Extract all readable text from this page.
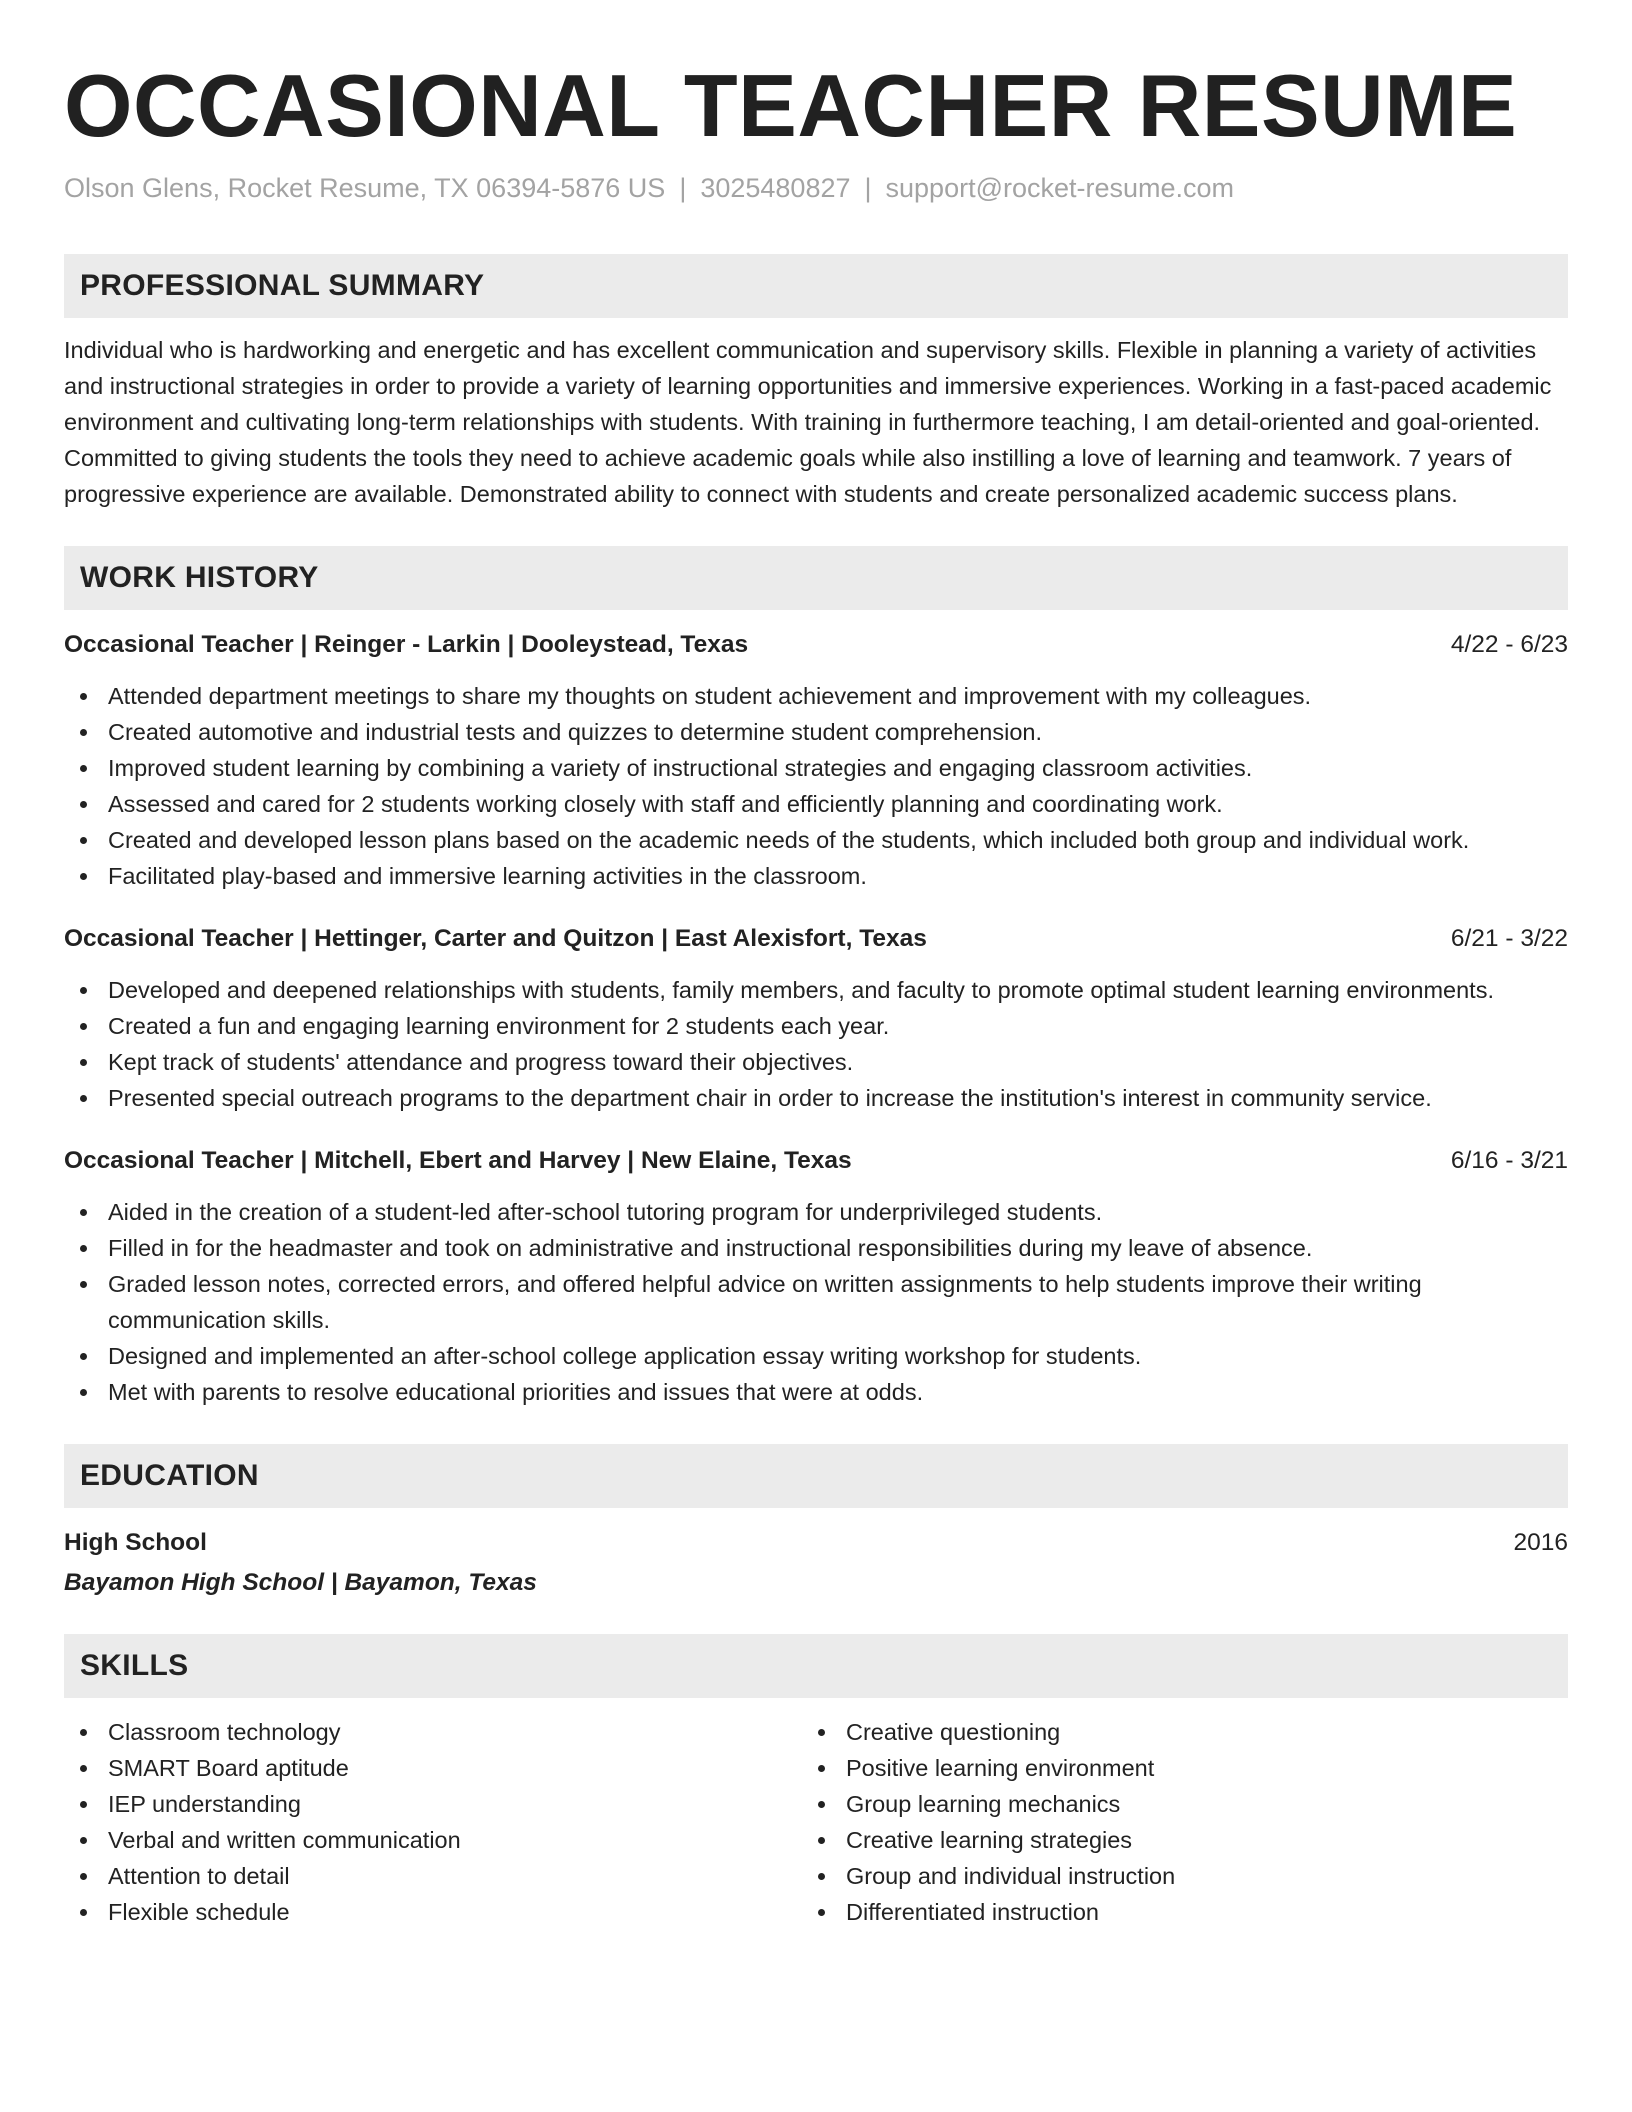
OCCASIONAL TEACHER RESUME
Olson Glens, Rocket Resume, TX 06394-5876 US | 3025480827 | support@rocket-resume.com
PROFESSIONAL SUMMARY

Individual who is hardworking and energetic and has excellent communication and supervisory skills. Flexible in planning a variety of activities and instructional strategies in order to provide a variety of learning opportunities and immersive experiences. Working in a fast-paced academic environment and cultivating long-term relationships with students. With training in furthermore teaching, I am detail-oriented and goal-oriented. Committed to giving students the tools they need to achieve academic goals while also instilling a love of learning and teamwork. 7 years of progressive experience are available. Demonstrated ability to connect with students and create personalized academic success plans.

WORK HISTORY
Occasional Teacher | Reinger - Larkin | Dooleystead, Texas	4/22 - 6/23
Attended department meetings to share my thoughts on student achievement and improvement with my colleagues.
Created automotive and industrial tests and quizzes to determine student comprehension.
Improved student learning by combining a variety of instructional strategies and engaging classroom activities.
Assessed and cared for 2 students working closely with staff and efficiently planning and coordinating work.
Created and developed lesson plans based on the academic needs of the students, which included both group and individual work.
Facilitated play-based and immersive learning activities in the classroom.
Occasional Teacher | Hettinger, Carter and Quitzon | East Alexisfort, Texas	6/21 - 3/22
Developed and deepened relationships with students, family members, and faculty to promote optimal student learning environments.
Created a fun and engaging learning environment for 2 students each year.
Kept track of students' attendance and progress toward their objectives.
Presented special outreach programs to the department chair in order to increase the institution's interest in community service.
Occasional Teacher | Mitchell, Ebert and Harvey | New Elaine, Texas	6/16 - 3/21
Aided in the creation of a student-led after-school tutoring program for underprivileged students.
Filled in for the headmaster and took on administrative and instructional responsibilities during my leave of absence.
Graded lesson notes, corrected errors, and offered helpful advice on written assignments to help students improve their writing communication skills.
Designed and implemented an after-school college application essay writing workshop for students.
Met with parents to resolve educational priorities and issues that were at odds.
EDUCATION
High School	2016
Bayamon High School | Bayamon, Texas
SKILLS
Classroom technology
SMART Board aptitude
IEP understanding
Verbal and written communication
Attention to detail
Flexible schedule
Creative questioning
Positive learning environment
Group learning mechanics
Creative learning strategies
Group and individual instruction
Differentiated instruction
